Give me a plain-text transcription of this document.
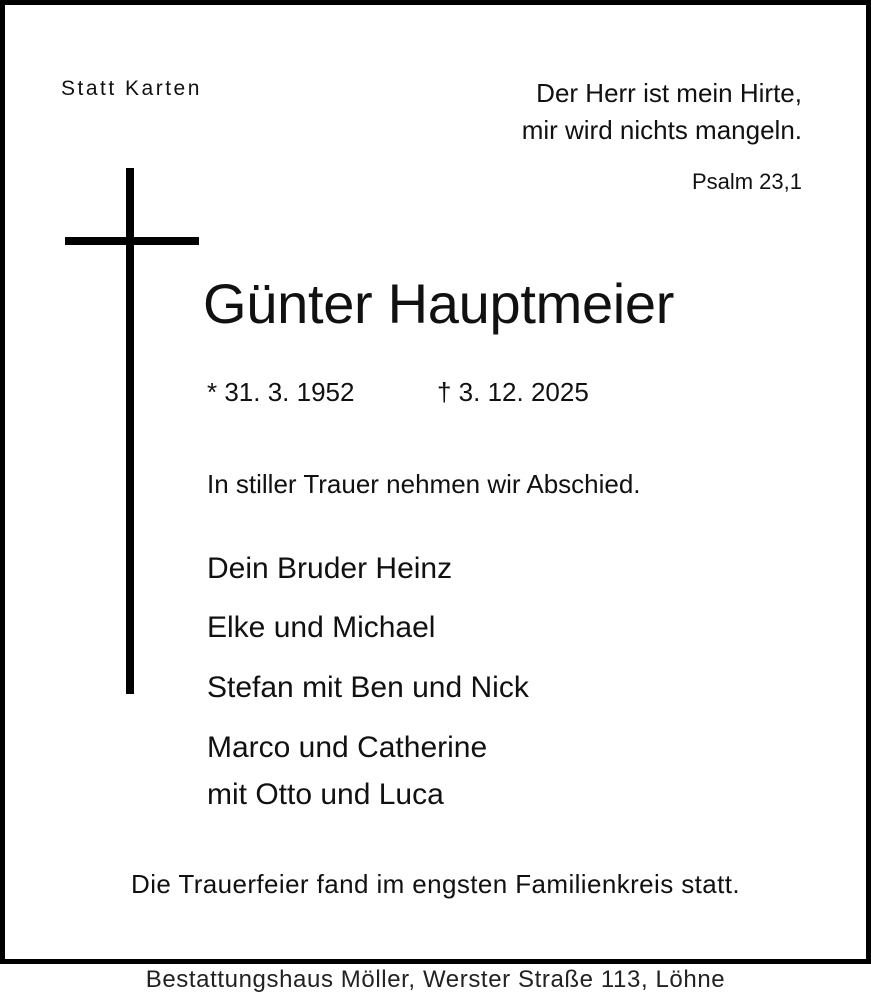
Statt Karten	Der Herr ist mein Hirte,
mir wird nichts mangeln.
Psalm 23,1
Günter Hauptmeier
* 31. 3. 1952	† 3. 12. 2025
In stiller Trauer nehmen wir Abschied.
Dein Bruder Heinz
Elke und Michael
Stefan mit Ben und Nick
Marco und Catherine
mit Otto und Luca
Die Trauerfeier fand im engsten Familienkreis statt.
Bestattungshaus Möller, Werster Straße 113, Löhne
